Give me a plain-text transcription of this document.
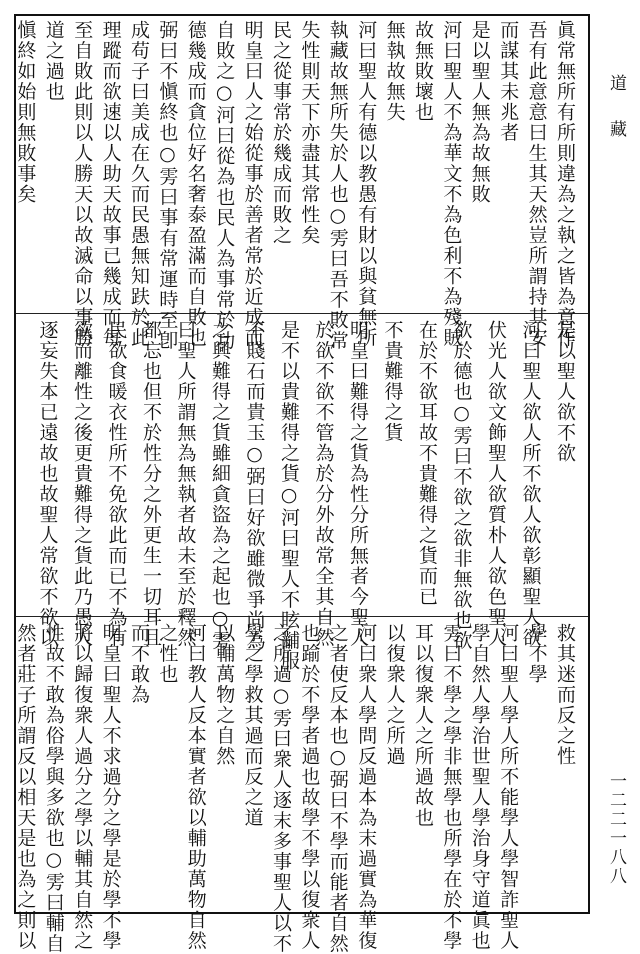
眞常無所有所則違為之執之皆為意作
吾有此意意曰生其天然豈所謂持其安
而謀其未兆者
是以聖人無為故無敗
河曰聖人不為華文不為色利不為殘賊
故無敗壞也
無執故無失
河曰聖人有德以教愚有財以與貧無所
執藏故無所失於人也○雱曰吾不敗常
失性則天下亦盡其常性矣
民之從事常於幾成而敗之
明皇曰人之始從事於善者常於近成而
自敗之○河曰從為也民人為事常於功
德幾成而貪位好名奢泰盈滿而自敗也
弼曰不愼終也○雱曰事有常運時至卽
成苟子曰美成在久而民愚無知趺於此
理蹤而欲速以人助天故事已幾成而每
至自敗此則以人勝天以故滅命以事勝
道之過也
愼終如始則無敗事矣
是以聖人欲不欲
河曰聖人欲人所不欲人欲彰顯聖人欲
伏光人欲文飾聖人欲質朴人欲色聖人
欲於德也○雱曰不欲之欲非無欲也欲
在於不欲耳故不貴難得之貨而已
不貴難得之貨
明皇曰難得之貨為性分所無者今聖人
於欲不欲不管為於分外故常全其自然
是不以貴難得之貨○河曰聖人不眩黼服
不賤石而貴玉○弼曰好欲雖微爭尚為
之興難得之貨雖細貪盜為之起也○雱
曰聖人所謂無為無執者故未至於釋然
都忘也但不於性分之外更生一切耳且
民欲食暖衣性所不免欲此而已不為有
欲而離性之後更貴難得之貨此乃愚人
逐妄失本已遠故也故聖人常欲不欲以
救其迷而反之性
學不學
河曰聖人學人所不能學人學智詐聖人
學自然人學治世聖人學治身守道眞也
雱曰不學之學非無學也所學在於不學
耳以復衆人之所過故也
以復衆人之所過
河曰衆人學問反過本為末過實為華復
之者使反本也○弼曰不學而能者自然
也踰於不學者過也故學不學以復衆人
之所過○雱曰衆人逐末多事聖人以不
學之學救其過而反之道
以輔萬物之自然
河曰教人反本實者欲以輔助萬物自然
之性也
而不敢為
明皇曰聖人不求過分之學是於學不學
將以歸復衆人過分之學以輔其自然之
性故不敢為俗學與多欲也○雱曰輔自
然者莊子所謂反以相天是也為之則以
道　藏
一二二一八八
